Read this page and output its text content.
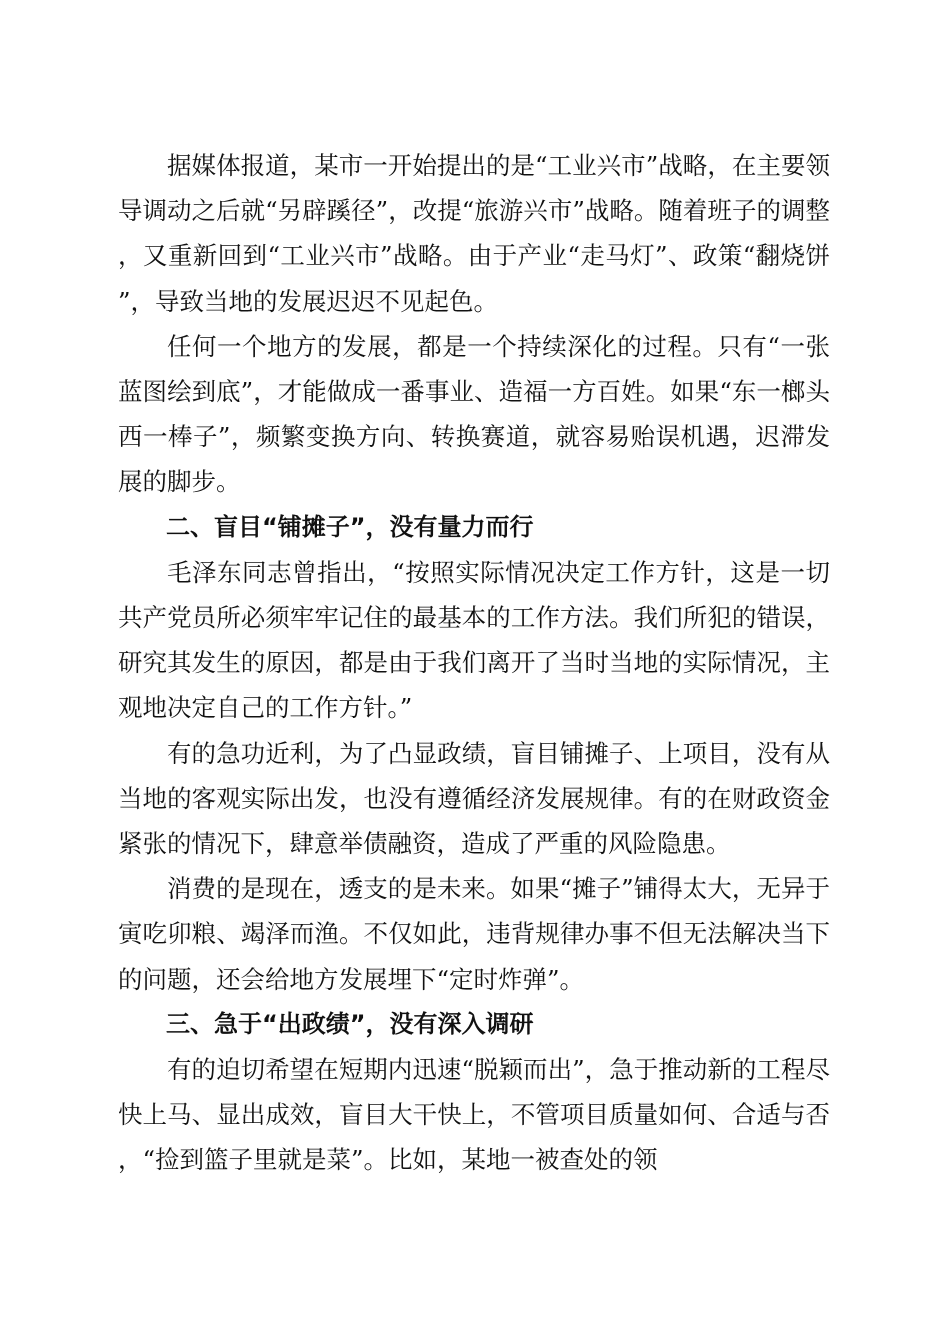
据媒体报道，某市一开始提出的是“工业兴市”战略，在主要领导调动之后就“另辟蹊径”，改提“旅游兴市”战略。随着班子的调整，又重新回到“工业兴市”战略。由于产业“走马灯”、政策“翻烧饼”，导致当地的发展迟迟不见起色。

任何一个地方的发展，都是一个持续深化的过程。只有“一张蓝图绘到底”，才能做成一番事业、造福一方百姓。如果“东一榔头西一棒子”，频繁变换方向、转换赛道，就容易贻误机遇，迟滞发展的脚步。

二、盲目“铺摊子”，没有量力而行

毛泽东同志曾指出，“按照实际情况决定工作方针，这是一切共产党员所必须牢牢记住的最基本的工作方法。我们所犯的错误，研究其发生的原因，都是由于我们离开了当时当地的实际情况，主观地决定自己的工作方针。”

有的急功近利，为了凸显政绩，盲目铺摊子、上项目，没有从当地的客观实际出发，也没有遵循经济发展规律。有的在财政资金紧张的情况下，肆意举债融资，造成了严重的风险隐患。

消费的是现在，透支的是未来。如果“摊子”铺得太大，无异于寅吃卯粮、竭泽而渔。不仅如此，违背规律办事不但无法解决当下的问题，还会给地方发展埋下“定时炸弹”。

三、急于“出政绩”，没有深入调研

有的迫切希望在短期内迅速“脱颖而出”，急于推动新的工程尽快上马、显出成效，盲目大干快上，不管项目质量如何、合适与否，“捡到篮子里就是菜”。比如，某地一被查处的领
